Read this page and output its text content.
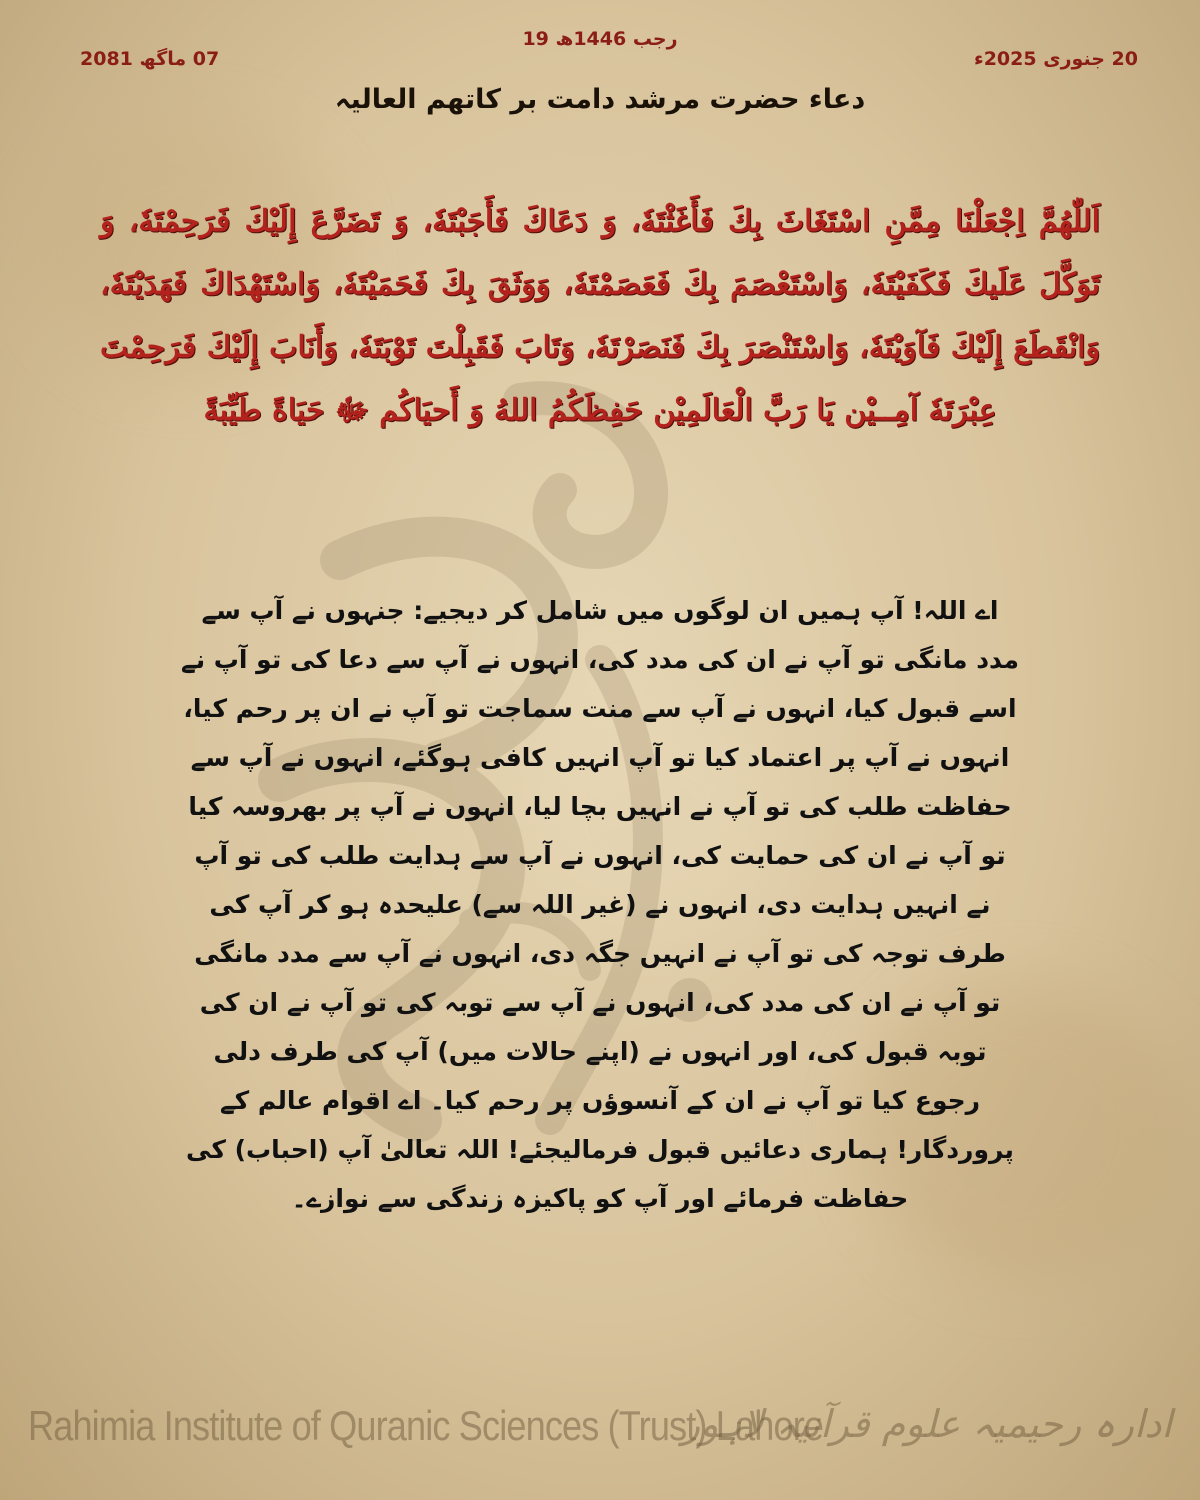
19 رجب 1446ھ
20 جنوری 2025ء
07 ماگھ 2081
دعاء حضرت مرشد دامت بر کاتھم العالیہ
اَللّٰهُمَّ اِجْعَلْنَا مِمَّنِ اسْتَغَاثَ بِكَ فَأَغَثْتَهٗ، وَ دَعَاكَ فَأَجَبْتَهٗ، وَ تَضَرَّعَ إِلَيْكَ فَرَحِمْتَهٗ، وَ تَوَكَّلَ عَلَيكَ فَكَفَيْتَهٗ، وَاسْتَعْصَمَ بِكَ فَعَصَمْتَهٗ، وَوَثَقَ بِكَ فَحَمَيْتَهٗ، وَاسْتَهْدَاكَ فَهَدَيْتَهٗ، وَانْقَطَعَ إِلَيْكَ فَآوَيْتَهٗ، وَاسْتَنْصَرَ بِكَ فَنَصَرْتَهٗ، وَتَابَ فَقَبِلْتَ تَوْبَتَهٗ، وَأَنَابَ إِلَيْكَ فَرَحِمْتَ عِبْرَتَهٗ آمِــيْن يَا رَبَّ الْعَالَمِيْن حَفِظَكُمُ اللهُ وَ أَحيَاكُم ﷻ حَيَاةً طَيِّبَةً
اے اللہ! آپ ہمیں ان لوگوں میں شامل کر دیجیے: جنہوں نے آپ سے مدد مانگی تو آپ نے ان کی مدد کی، انہوں نے آپ سے دعا کی تو آپ نے اسے قبول کیا، انہوں نے آپ سے منت سماجت تو آپ نے ان پر رحم کیا، انہوں نے آپ پر اعتماد کیا تو آپ انہیں کافی ہوگئے، انہوں نے آپ سے حفاظت طلب کی تو آپ نے انہیں بچا لیا، انہوں نے آپ پر بھروسہ کیا تو آپ نے ان کی حمایت کی، انہوں نے آپ سے ہدایت طلب کی تو آپ نے انہیں ہدایت دی، انہوں نے (غیر اللہ سے) علیحدہ ہو کر آپ کی طرف توجہ کی تو آپ نے انہیں جگہ دی، انہوں نے آپ سے مدد مانگی تو آپ نے ان کی مدد کی، انہوں نے آپ سے توبہ کی تو آپ نے ان کی توبہ قبول کی، اور انہوں نے (اپنے حالات میں) آپ کی طرف دلی رجوع کیا تو آپ نے ان کے آنسوؤں پر رحم کیا۔ اے اقوام عالم کے پروردگار! ہماری دعائیں قبول فرمالیجئے! اللہ تعالیٰ آپ (احباب) کی حفاظت فرمائے اور آپ کو پاکیزہ زندگی سے نوازے۔
Rahimia Institute of Quranic Sciences (Trust) Lahore
ادارہ رحیمیہ علوم قرآنیہ لاہور
